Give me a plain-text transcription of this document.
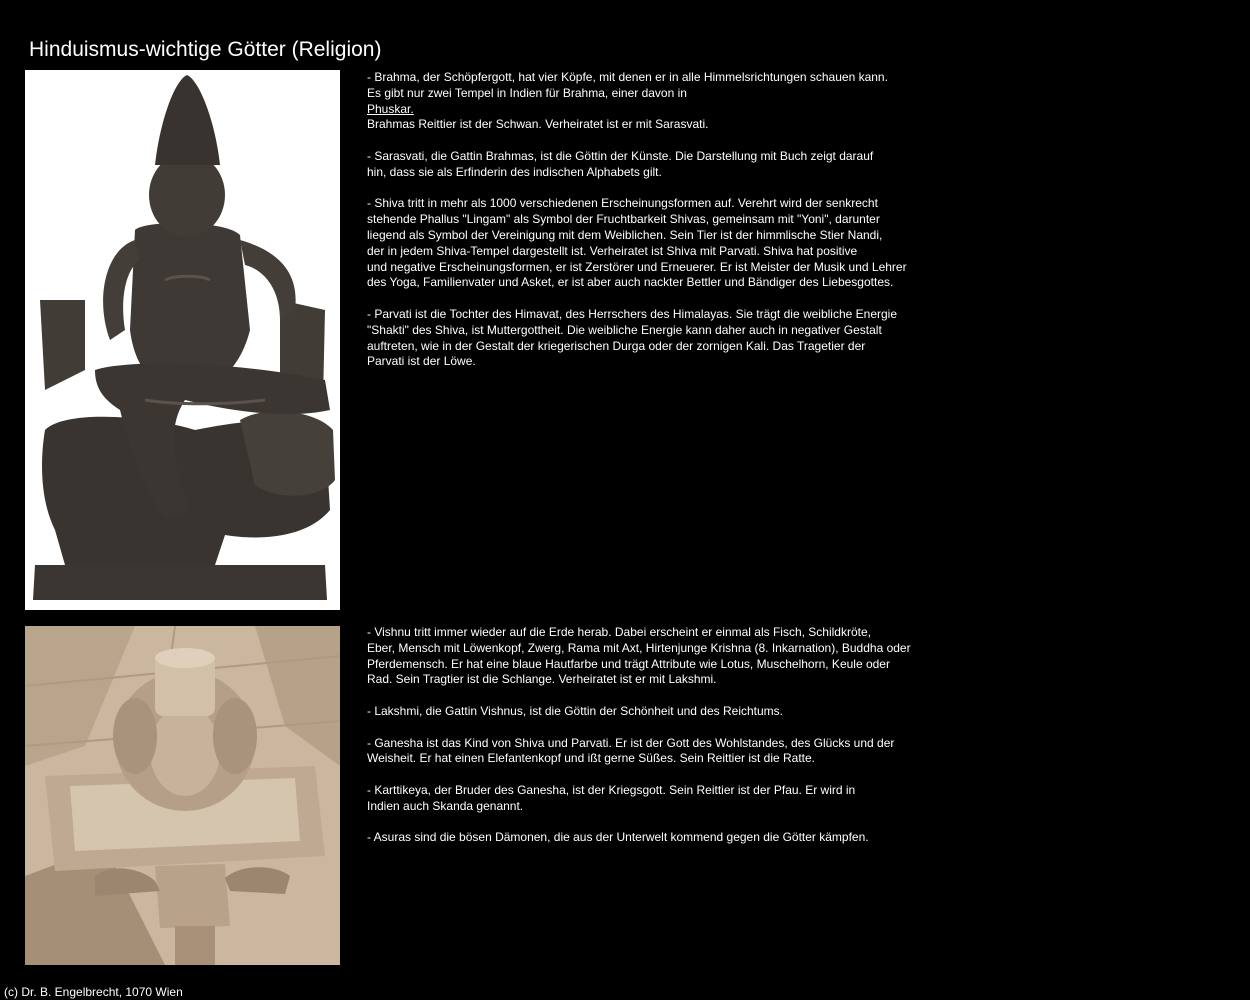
Hinduismus-wichtige Götter (Religion)

- Brahma, der Schöpfergott, hat vier Köpfe, mit denen er in alle Himmelsrichtungen schauen kann.
Es gibt nur zwei Tempel in Indien für Brahma, einer davon in
Phuskar.
Brahmas Reittier ist der Schwan. Verheiratet ist er mit Sarasvati.

- Sarasvati, die Gattin Brahmas, ist die Göttin der Künste. Die Darstellung mit Buch zeigt darauf
hin, dass sie als Erfinderin des indischen Alphabets gilt.

- Shiva tritt in mehr als 1000 verschiedenen Erscheinungsformen auf. Verehrt wird der senkrecht
stehende Phallus "Lingam" als Symbol der Fruchtbarkeit Shivas, gemeinsam mit "Yoni", darunter
liegend als Symbol der Vereinigung mit dem Weiblichen. Sein Tier ist der himmlische Stier Nandi,
der in jedem Shiva-Tempel dargestellt ist. Verheiratet ist Shiva mit Parvati. Shiva hat positive
und negative Erscheinungsformen, er ist Zerstörer und Erneuerer. Er ist Meister der Musik und Lehrer
des Yoga, Familienvater und Asket, er ist aber auch nackter Bettler und Bändiger des Liebesgottes.

- Parvati ist die Tochter des Himavat, des Herrschers des Himalayas. Sie trägt die weibliche Energie
"Shakti" des Shiva, ist Muttergottheit. Die weibliche Energie kann daher auch in negativer Gestalt
auftreten, wie in der Gestalt der kriegerischen Durga oder der zornigen Kali. Das Tragetier der
Parvati ist der Löwe.

- Vishnu tritt immer wieder auf die Erde herab. Dabei erscheint er einmal als Fisch, Schildkröte,
Eber, Mensch mit Löwenkopf, Zwerg, Rama mit Axt, Hirtenjunge Krishna (8. Inkarnation), Buddha oder
Pferdemensch. Er hat eine blaue Hautfarbe und trägt Attribute wie Lotus, Muschelhorn, Keule oder
Rad. Sein Tragtier ist die Schlange. Verheiratet ist er mit Lakshmi.

- Lakshmi, die Gattin Vishnus, ist die Göttin der Schönheit und des Reichtums.

- Ganesha ist das Kind von Shiva und Parvati. Er ist der Gott des Wohlstandes, des Glücks und der
Weisheit. Er hat einen Elefantenkopf und ißt gerne Süßes. Sein Reittier ist die Ratte.

- Karttikeya, der Bruder des Ganesha, ist der Kriegsgott. Sein Reittier ist der Pfau. Er wird in
Indien auch Skanda genannt.

- Asuras sind die bösen Dämonen, die aus der Unterwelt kommend gegen die Götter kämpfen.

(c) Dr. B. Engelbrecht, 1070 Wien
